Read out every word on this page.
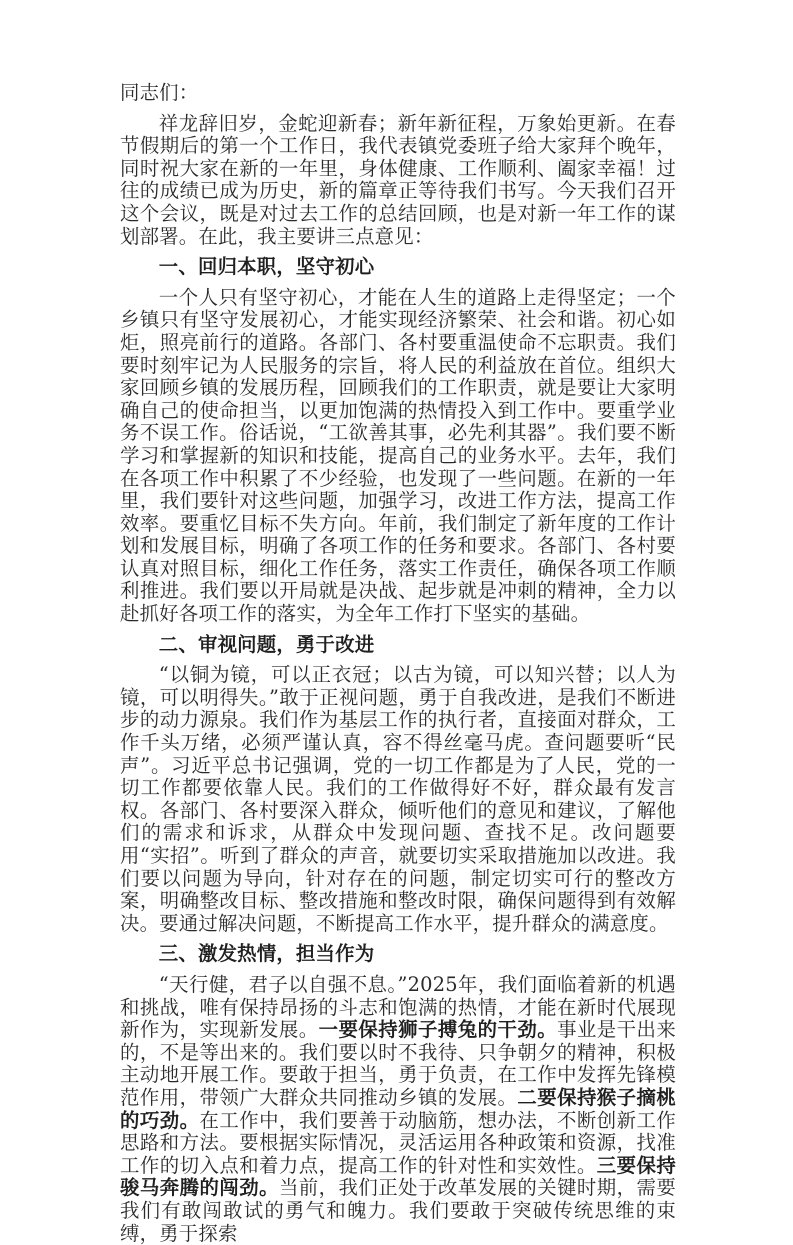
同志们：

祥龙辞旧岁，金蛇迎新春；新年新征程，万象始更新。在春节假期后的第一个工作日，我代表镇党委班子给大家拜个晚年，同时祝大家在新的一年里，身体健康、工作顺利、阖家幸福！过往的成绩已成为历史，新的篇章正等待我们书写。今天我们召开这个会议，既是对过去工作的总结回顾，也是对新一年工作的谋划部署。在此，我主要讲三点意见：

一、回归本职，坚守初心

一个人只有坚守初心，才能在人生的道路上走得坚定；一个乡镇只有坚守发展初心，才能实现经济繁荣、社会和谐。初心如炬，照亮前行的道路。各部门、各村要重温使命不忘职责。我们要时刻牢记为人民服务的宗旨，将人民的利益放在首位。组织大家回顾乡镇的发展历程，回顾我们的工作职责，就是要让大家明确自己的使命担当，以更加饱满的热情投入到工作中。要重学业务不误工作。俗话说，“工欲善其事，必先利其器”。我们要不断学习和掌握新的知识和技能，提高自己的业务水平。去年，我们在各项工作中积累了不少经验，也发现了一些问题。在新的一年里，我们要针对这些问题，加强学习，改进工作方法，提高工作效率。要重忆目标不失方向。年前，我们制定了新年度的工作计划和发展目标，明确了各项工作的任务和要求。各部门、各村要认真对照目标，细化工作任务，落实工作责任，确保各项工作顺利推进。我们要以开局就是决战、起步就是冲刺的精神，全力以赴抓好各项工作的落实，为全年工作打下坚实的基础。

二、审视问题，勇于改进

“以铜为镜，可以正衣冠；以古为镜，可以知兴替；以人为镜，可以明得失。”敢于正视问题，勇于自我改进，是我们不断进步的动力源泉。我们作为基层工作的执行者，直接面对群众，工作千头万绪，必须严谨认真，容不得丝毫马虎。查问题要听“民声”。习近平总书记强调，党的一切工作都是为了人民，党的一切工作都要依靠人民。我们的工作做得好不好，群众最有发言权。各部门、各村要深入群众，倾听他们的意见和建议，了解他们的需求和诉求，从群众中发现问题、查找不足。改问题要用“实招”。听到了群众的声音，就要切实采取措施加以改进。我们要以问题为导向，针对存在的问题，制定切实可行的整改方案，明确整改目标、整改措施和整改时限，确保问题得到有效解决。要通过解决问题，不断提高工作水平，提升群众的满意度。

三、激发热情，担当作为

“天行健，君子以自强不息。”2025年，我们面临着新的机遇和挑战，唯有保持昂扬的斗志和饱满的热情，才能在新时代展现新作为，实现新发展。一要保持狮子搏兔的干劲。事业是干出来的，不是等出来的。我们要以时不我待、只争朝夕的精神，积极主动地开展工作。要敢于担当，勇于负责，在工作中发挥先锋模范作用，带领广大群众共同推动乡镇的发展。二要保持猴子摘桃的巧劲。在工作中，我们要善于动脑筋，想办法，不断创新工作思路和方法。要根据实际情况，灵活运用各种政策和资源，找准工作的切入点和着力点，提高工作的针对性和实效性。三要保持骏马奔腾的闯劲。当前，我们正处于改革发展的关键时期，需要我们有敢闯敢试的勇气和魄力。我们要敢于突破传统思维的束缚，勇于探索
